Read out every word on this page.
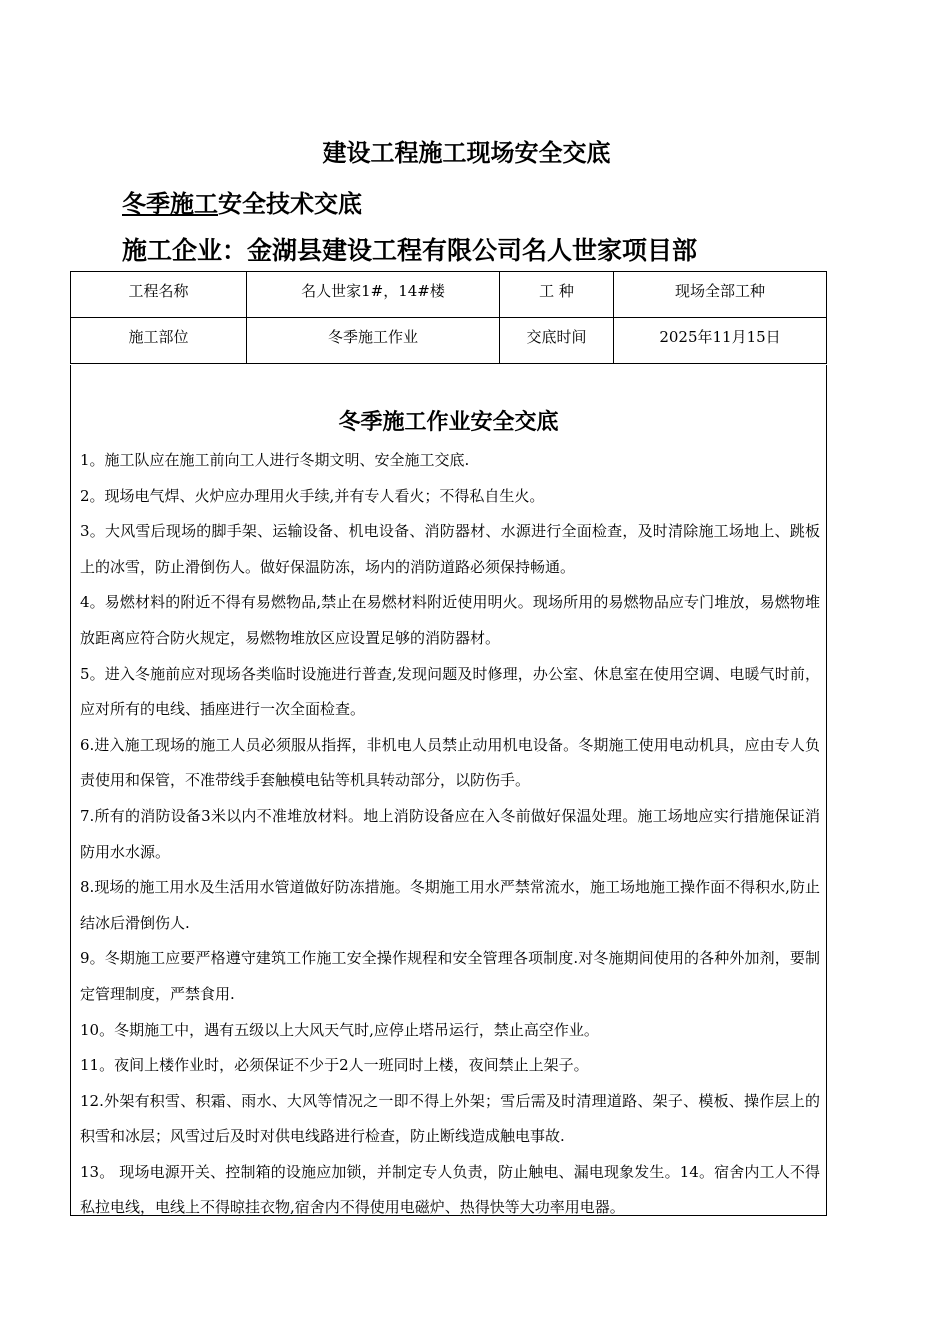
建设工程施工现场安全交底
冬季施工安全技术交底
施工企业：金湖县建设工程有限公司名人世家项目部
工程名称	名人世家1#，14#楼	工 种	现场全部工种
施工部位	冬季施工作业	交底时间	2025年11月15日
冬季施工作业安全交底

1。施工队应在施工前向工人进行冬期文明、安全施工交底.

2。现场电气焊、火炉应办理用火手续,并有专人看火；不得私自生火。

3。大风雪后现场的脚手架、运输设备、机电设备、消防器材、水源进行全面检查，及时清除施工场地上、跳板上的冰雪，防止滑倒伤人。做好保温防冻，场内的消防道路必须保持畅通。

4。易燃材料的附近不得有易燃物品,禁止在易燃材料附近使用明火。现场所用的易燃物品应专门堆放，易燃物堆放距离应符合防火规定，易燃物堆放区应设置足够的消防器材。

5。进入冬施前应对现场各类临时设施进行普查,发现问题及时修理，办公室、休息室在使用空调、电暖气时前，应对所有的电线、插座进行一次全面检查。

6.进入施工现场的施工人员必须服从指挥，非机电人员禁止动用机电设备。冬期施工使用电动机具，应由专人负责使用和保管，不准带线手套触模电钻等机具转动部分，以防伤手。

7.所有的消防设备3米以内不准堆放材料。地上消防设备应在入冬前做好保温处理。施工场地应实行措施保证消防用水水源。

8.现场的施工用水及生活用水管道做好防冻措施。冬期施工用水严禁常流水，施工场地施工操作面不得积水,防止结冰后滑倒伤人.

9。冬期施工应要严格遵守建筑工作施工安全操作规程和安全管理各项制度.对冬施期间使用的各种外加剂，要制定管理制度，严禁食用.

10。冬期施工中，遇有五级以上大风天气时,应停止塔吊运行，禁止高空作业。

11。夜间上楼作业时，必须保证不少于2人一班同时上楼，夜间禁止上架子。

12.外架有积雪、积霜、雨水、大风等情况之一即不得上外架；雪后需及时清理道路、架子、模板、操作层上的积雪和冰层；风雪过后及时对供电线路进行检查，防止断线造成触电事故.

13。 现场电源开关、控制箱的设施应加锁，并制定专人负责，防止触电、漏电现象发生。14。宿舍内工人不得私拉电线，电线上不得晾挂衣物,宿舍内不得使用电磁炉、热得快等大功率用电器。
